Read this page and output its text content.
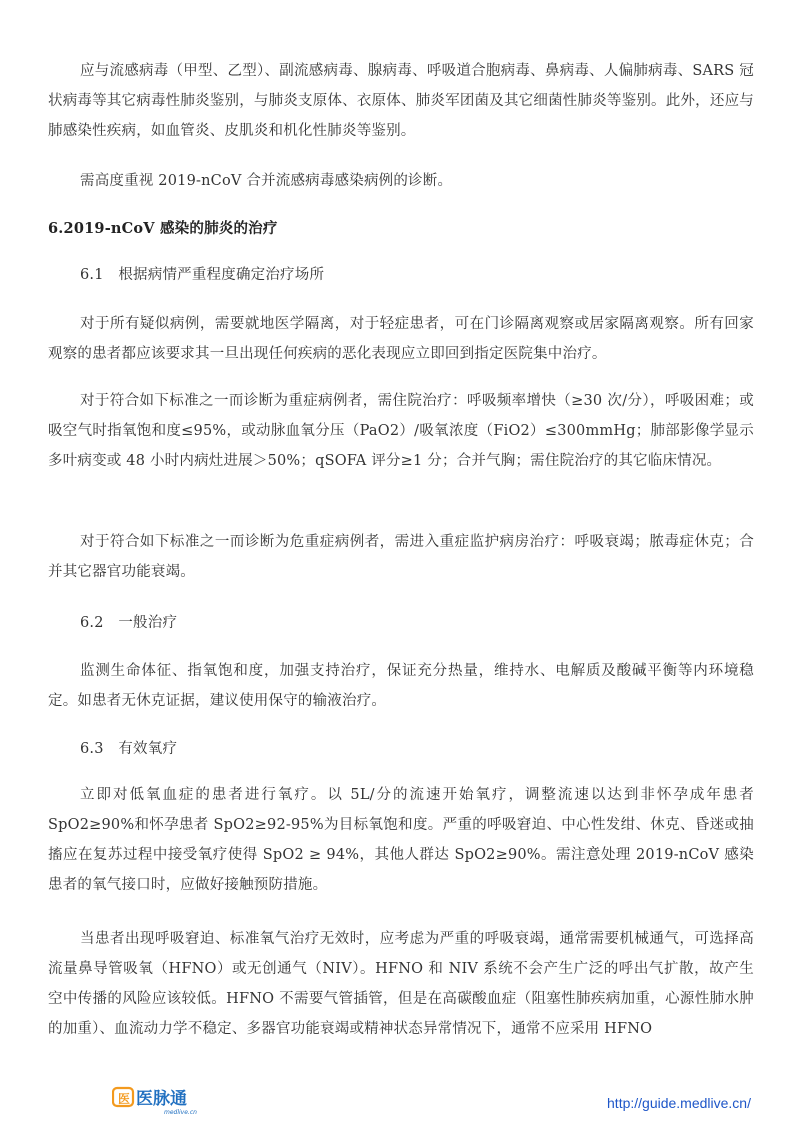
应与流感病毒（甲型、乙型）、副流感病毒、腺病毒、呼吸道合胞病毒、鼻病毒、人偏肺病毒、SARS 冠状病毒等其它病毒性肺炎鉴别，与肺炎支原体、衣原体、肺炎军团菌及其它细菌性肺炎等鉴别。此外，还应与肺感染性疾病，如血管炎、皮肌炎和机化性肺炎等鉴别。

需高度重视 2019-nCoV 合并流感病毒感染病例的诊断。

6.2019-nCoV 感染的肺炎的治疗

6.1　根据病情严重程度确定治疗场所

对于所有疑似病例，需要就地医学隔离，对于轻症患者，可在门诊隔离观察或居家隔离观察。所有回家观察的患者都应该要求其一旦出现任何疾病的恶化表现应立即回到指定医院集中治疗。

对于符合如下标准之一而诊断为重症病例者，需住院治疗：呼吸频率增快（≥30 次/分），呼吸困难；或吸空气时指氧饱和度≤95%，或动脉血氧分压（PaO2）/吸氧浓度（FiO2）≤300mmHg；肺部影像学显示多叶病变或 48 小时内病灶进展＞50%；qSOFA 评分≥1 分；合并气胸；需住院治疗的其它临床情况。

对于符合如下标准之一而诊断为危重症病例者，需进入重症监护病房治疗：呼吸衰竭；脓毒症休克；合并其它器官功能衰竭。

6.2　一般治疗

监测生命体征、指氧饱和度，加强支持治疗，保证充分热量，维持水、电解质及酸碱平衡等内环境稳定。如患者无休克证据，建议使用保守的输液治疗。

6.3　有效氧疗

立即对低氧血症的患者进行氧疗。以 5L/分的流速开始氧疗，调整流速以达到非怀孕成年患者 SpO2≥90%和怀孕患者 SpO2≥92-95%为目标氧饱和度。严重的呼吸窘迫、中心性发绀、休克、昏迷或抽搐应在复苏过程中接受氧疗使得 SpO2 ≥ 94%，其他人群达 SpO2≥90%。需注意处理 2019-nCoV 感染患者的氧气接口时，应做好接触预防措施。

当患者出现呼吸窘迫、标准氧气治疗无效时，应考虑为严重的呼吸衰竭，通常需要机械通气，可选择高流量鼻导管吸氧（HFNO）或无创通气（NIV）。HFNO 和 NIV 系统不会产生广泛的呼出气扩散，故产生空中传播的风险应该较低。HFNO 不需要气管插管，但是在高碳酸血症（阻塞性肺疾病加重，心源性肺水肿的加重）、血流动力学不稳定、多器官功能衰竭或精神状态异常情况下，通常不应采用 HFNO

医 医脉通
medlive.cn
http://guide.medlive.cn/
